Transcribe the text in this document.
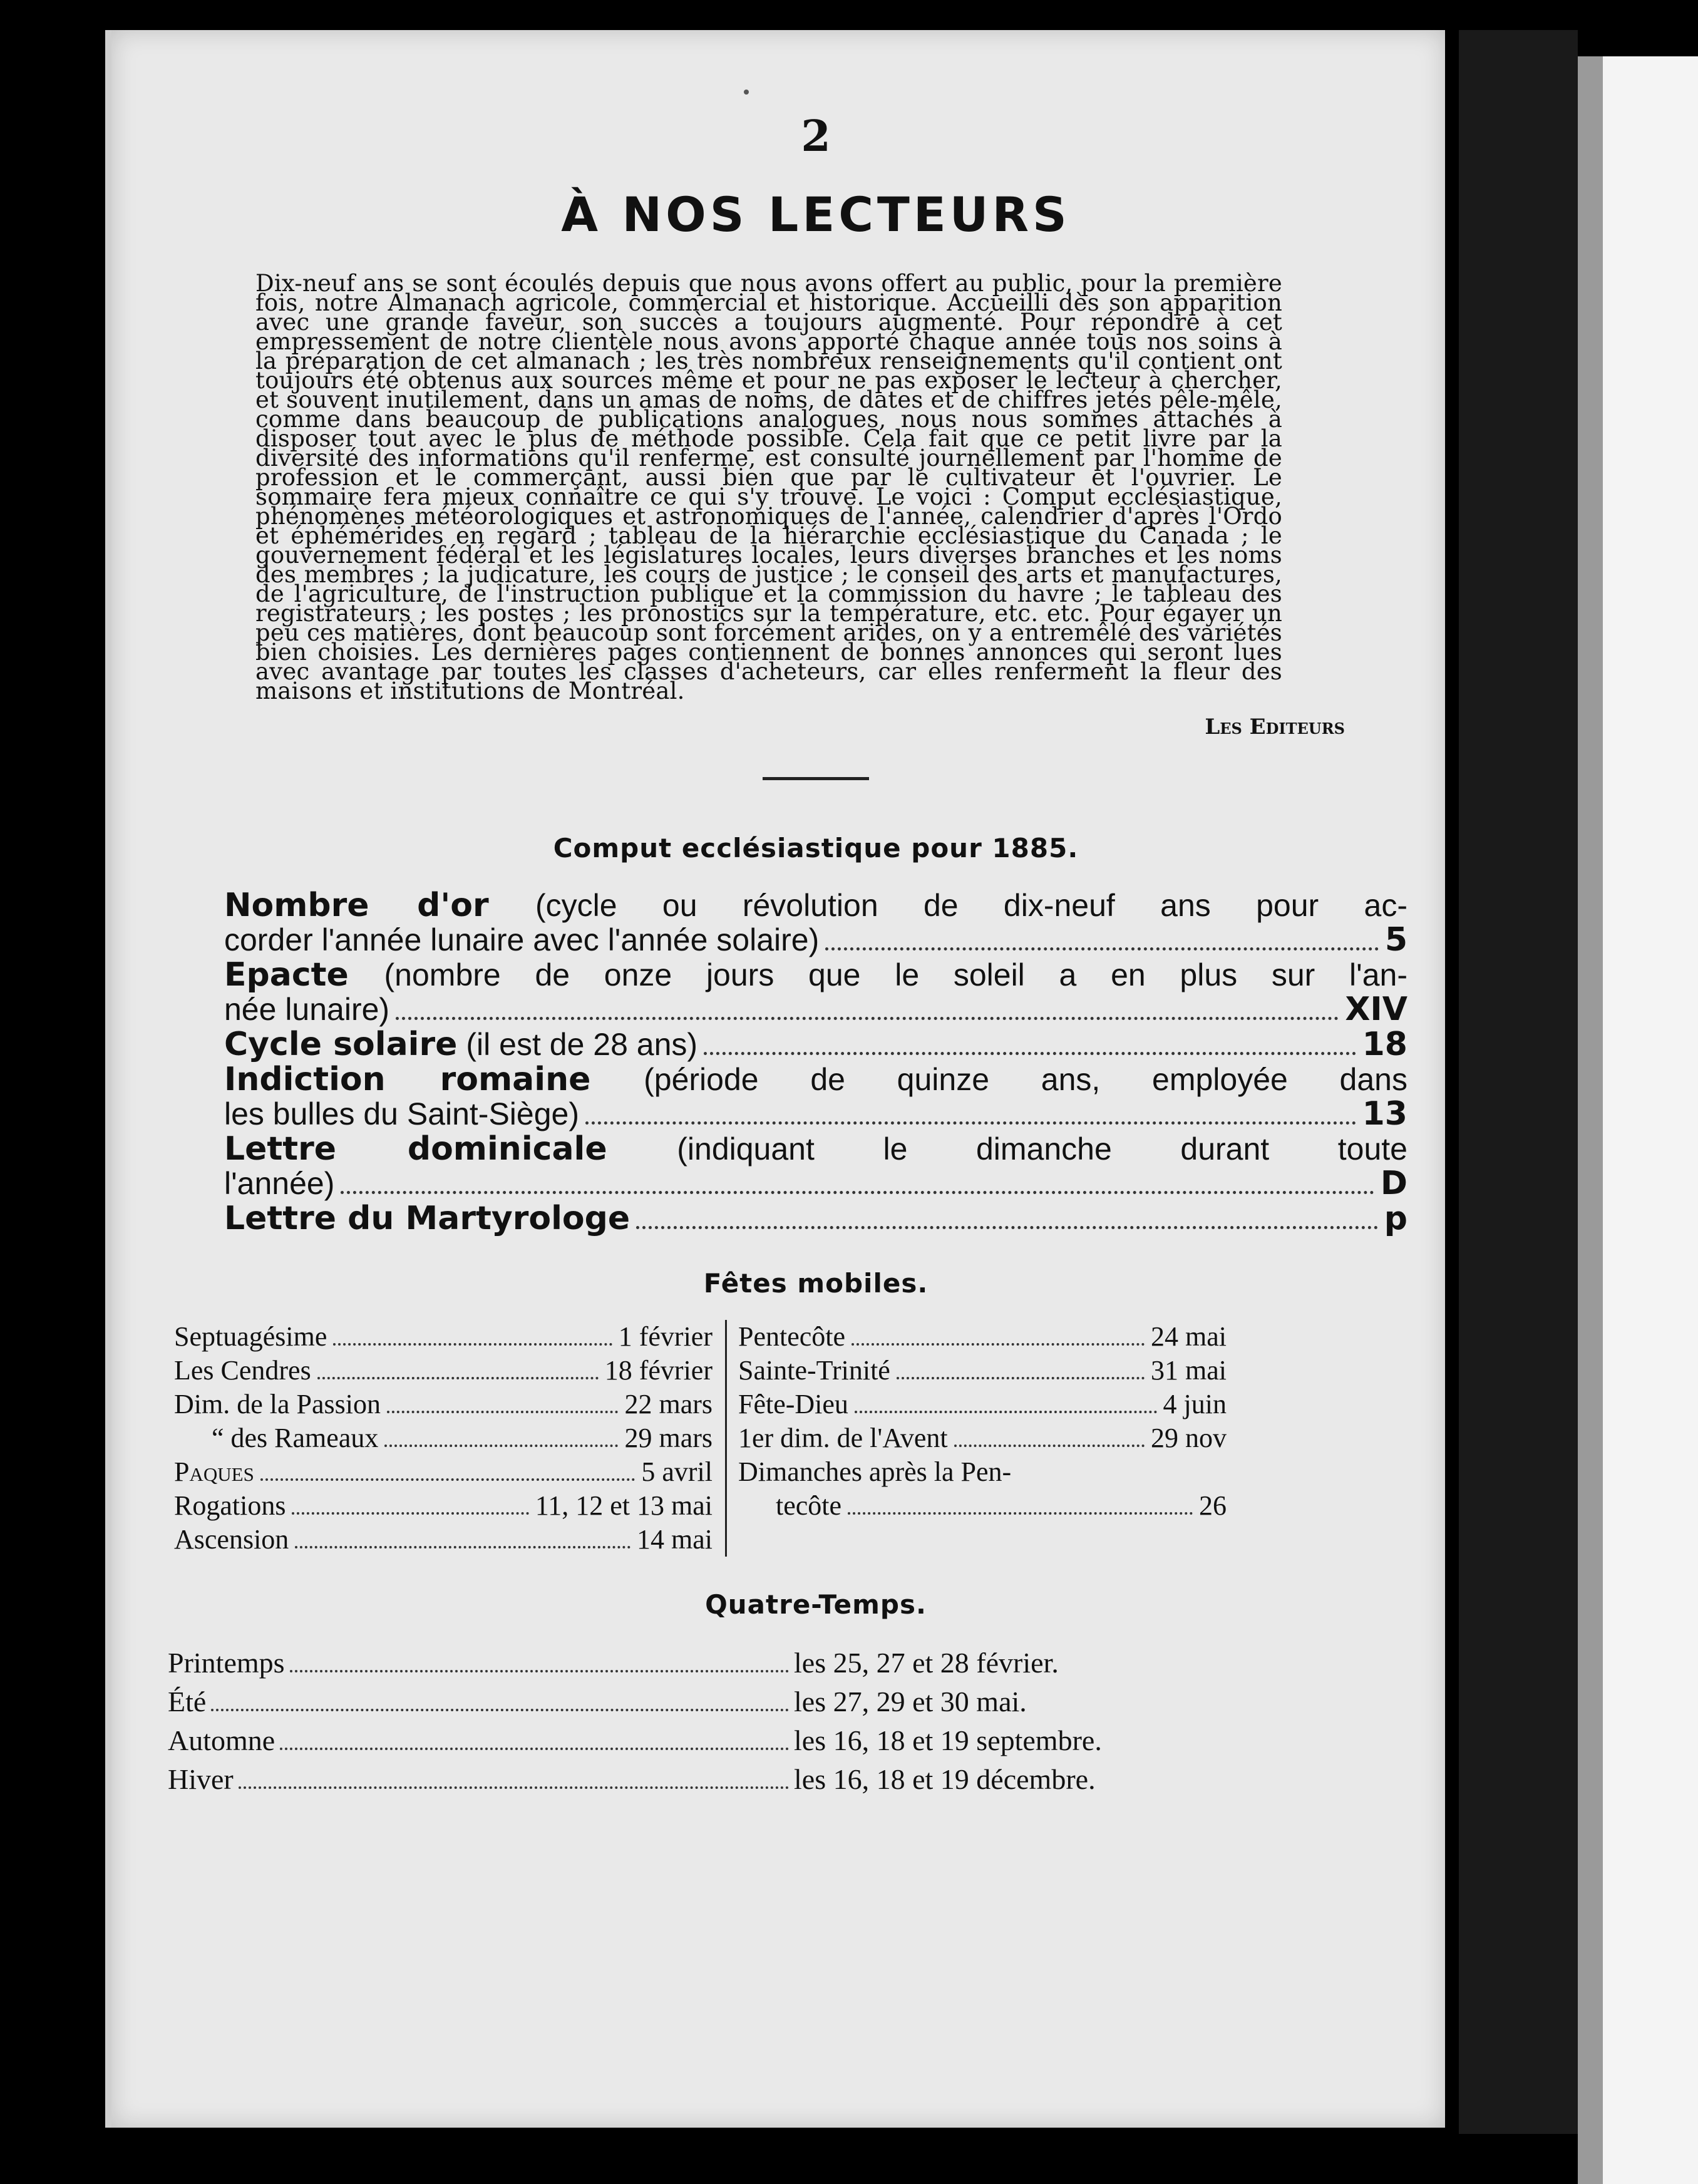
2

À NOS LECTEURS

Dix-neuf ans se sont écoulés depuis que nous avons offert au public, pour la première fois, notre Almanach agricole, commercial et historique. Accueilli dès son apparition avec une grande faveur, son succès a toujours augmenté. Pour répondre à cet empressement de notre clientèle nous avons apporté chaque année tous nos soins à la préparation de cet almanach ; les très nombreux renseignements qu'il contient ont toujours été obtenus aux sources même et pour ne pas exposer le lecteur à chercher, et souvent inutilement, dans un amas de noms, de dates et de chiffres jetés pêle-mêle, comme dans beaucoup de publications analogues, nous nous sommes attachés à disposer tout avec le plus de méthode possible. Cela fait que ce petit livre par la diversité des informations qu'il renferme, est consulté journellement par l'homme de profession et le commerçant, aussi bien que par le cultivateur et l'ouvrier. Le sommaire fera mieux connaître ce qui s'y trouve. Le voici : Comput ecclésiastique, phénomènes météorologiques et astronomiques de l'année, calendrier d'après l'Ordo et éphémérides en regard ; tableau de la hiérarchie ecclésiastique du Canada ; le gouvernement fédéral et les législatures locales, leurs diverses branches et les noms des membres ; la judicature, les cours de justice ; le conseil des arts et manufactures, de l'agriculture, de l'instruction publique et la commission du havre ; le tableau des registrateurs ; les postes ; les pronostics sur la température, etc. etc. Pour égayer un peu ces matières, dont beaucoup sont forcément arides, on y a entremêlé des variétés bien choisies. Les dernières pages contiennent de bonnes annonces qui seront lues avec avantage par toutes les classes d'acheteurs, car elles renferment la fleur des maisons et institutions de Montréal.

Les Editeurs

Comput ecclésiastique pour 1885.
Nombre d'or (cycle ou révolution de dix-neuf ans pour ac-
corder l'année lunaire avec l'année solaire)	5
Epacte (nombre de onze jours que le soleil a en plus sur l'an-
née lunaire)	XIV
Cycle solaire (il est de 28 ans)	18
Indiction romaine (période de quinze ans, employée dans
les bulles du Saint-Siège)	13
Lettre dominicale (indiquant le dimanche durant toute
l'année)	D
Lettre du Martyrologe	p
Fêtes mobiles.
Septuagésime	1 février
Les Cendres	18 février
Dim. de la Passion	22 mars
“ des Rameaux	29 mars
Paques	5 avril
Rogations	11, 12 et 13 mai
Ascension	14 mai
Pentecôte	24 mai
Sainte-Trinité	31 mai
Fête-Dieu	4 juin
1er dim. de l'Avent	29 nov
Dimanches après la Pen-
tecôte	26
Quatre-Temps.
Printemps	les 25, 27 et 28 février.
Été	les 27, 29 et 30 mai.
Automne	les 16, 18 et 19 septembre.
Hiver	les 16, 18 et 19 décembre.
